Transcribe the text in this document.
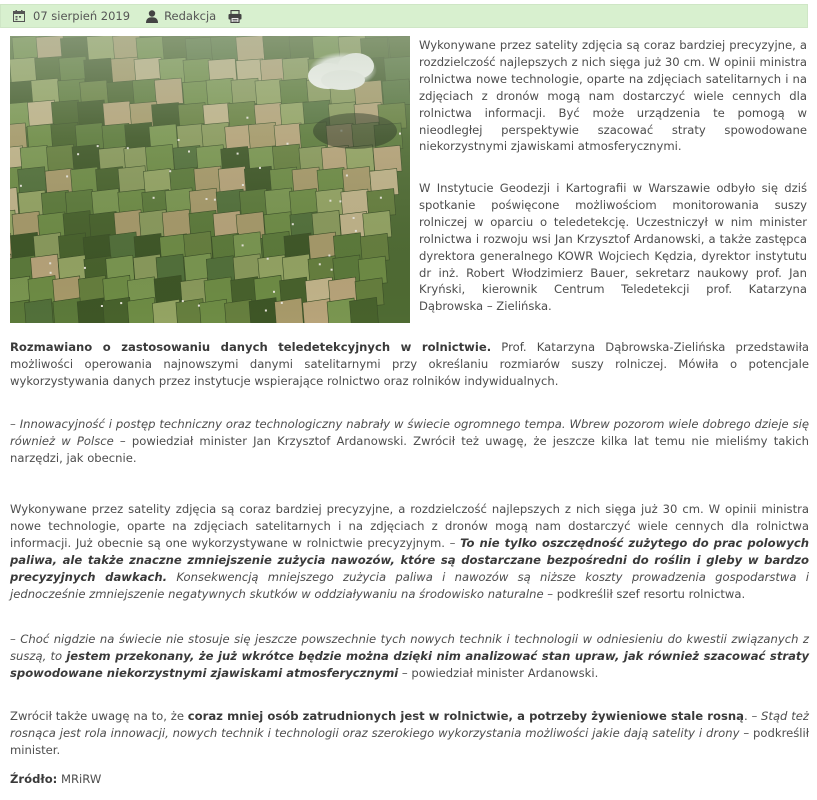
07 sierpień 2019	Redakcja

Wykonywane przez satelity zdjęcia są coraz bardziej precyzyjne, a rozdzielczość najlepszych z nich sięga już 30 cm. W opinii ministra rolnictwa nowe technologie, oparte na zdjęciach satelitarnych i na zdjęciach z dronów mogą nam dostarczyć wiele cennych dla rolnictwa informacji. Być może urządzenia te pomogą w nieodległej perspektywie szacować straty spowodowane niekorzystnymi zjawiskami atmosferycznymi.

W Instytucie Geodezji i Kartografii w Warszawie odbyło się dziś spotkanie poświęcone możliwościom monitorowania suszy rolniczej w oparciu o teledetekcję. Uczestniczył w nim minister rolnictwa i rozwoju wsi Jan Krzysztof Ardanowski, a także zastępca dyrektora generalnego KOWR Wojciech Kędzia, dyrektor instytutu dr inż. Robert Włodzimierz Bauer, sekretarz naukowy prof. Jan Kryński, kierownik Centrum Teledetekcji prof. Katarzyna Dąbrowska – Zielińska.

Rozmawiano o zastosowaniu danych teledetekcyjnych w rolnictwie. Prof. Katarzyna Dąbrowska-Zielińska przedstawiła możliwości operowania najnowszymi danymi satelitarnymi przy określaniu rozmiarów suszy rolniczej. Mówiła o potencjale wykorzystywania danych przez instytucje wspierające rolnictwo oraz rolników indywidualnych.

– Innowacyjność i postęp techniczny oraz technologiczny nabrały w świecie ogromnego tempa. Wbrew pozorom wiele dobrego dzieje się również w Polsce – powiedział minister Jan Krzysztof Ardanowski. Zwrócił też uwagę, że jeszcze kilka lat temu nie mieliśmy takich narzędzi, jak obecnie.

Wykonywane przez satelity zdjęcia są coraz bardziej precyzyjne, a rozdzielczość najlepszych z nich sięga już 30 cm. W opinii ministra nowe technologie, oparte na zdjęciach satelitarnych i na zdjęciach z dronów mogą nam dostarczyć wiele cennych dla rolnictwa informacji. Już obecnie są one wykorzystywane w rolnictwie precyzyjnym. – To nie tylko oszczędność zużytego do prac polowych paliwa, ale także znaczne zmniejszenie zużycia nawozów, które są dostarczane bezpośredni do roślin i gleby w bardzo precyzyjnych dawkach. Konsekwencją mniejszego zużycia paliwa i nawozów są niższe koszty prowadzenia gospodarstwa i jednocześnie zmniejszenie negatywnych skutków w oddziaływaniu na środowisko naturalne – podkreślił szef resortu rolnictwa.

– Choć nigdzie na świecie nie stosuje się jeszcze powszechnie tych nowych technik i technologii w odniesieniu do kwestii związanych z suszą, to jestem przekonany, że już wkrótce będzie można dzięki nim analizować stan upraw, jak również szacować straty spowodowane niekorzystnymi zjawiskami atmosferycznymi – powiedział minister Ardanowski.

Zwrócił także uwagę na to, że coraz mniej osób zatrudnionych jest w rolnictwie, a potrzeby żywieniowe stale rosną. – Stąd też rosnąca jest rola innowacji, nowych technik i technologii oraz szerokiego wykorzystania możliwości jakie dają satelity i drony – podkreślił minister.

Źródło: MRiRW
